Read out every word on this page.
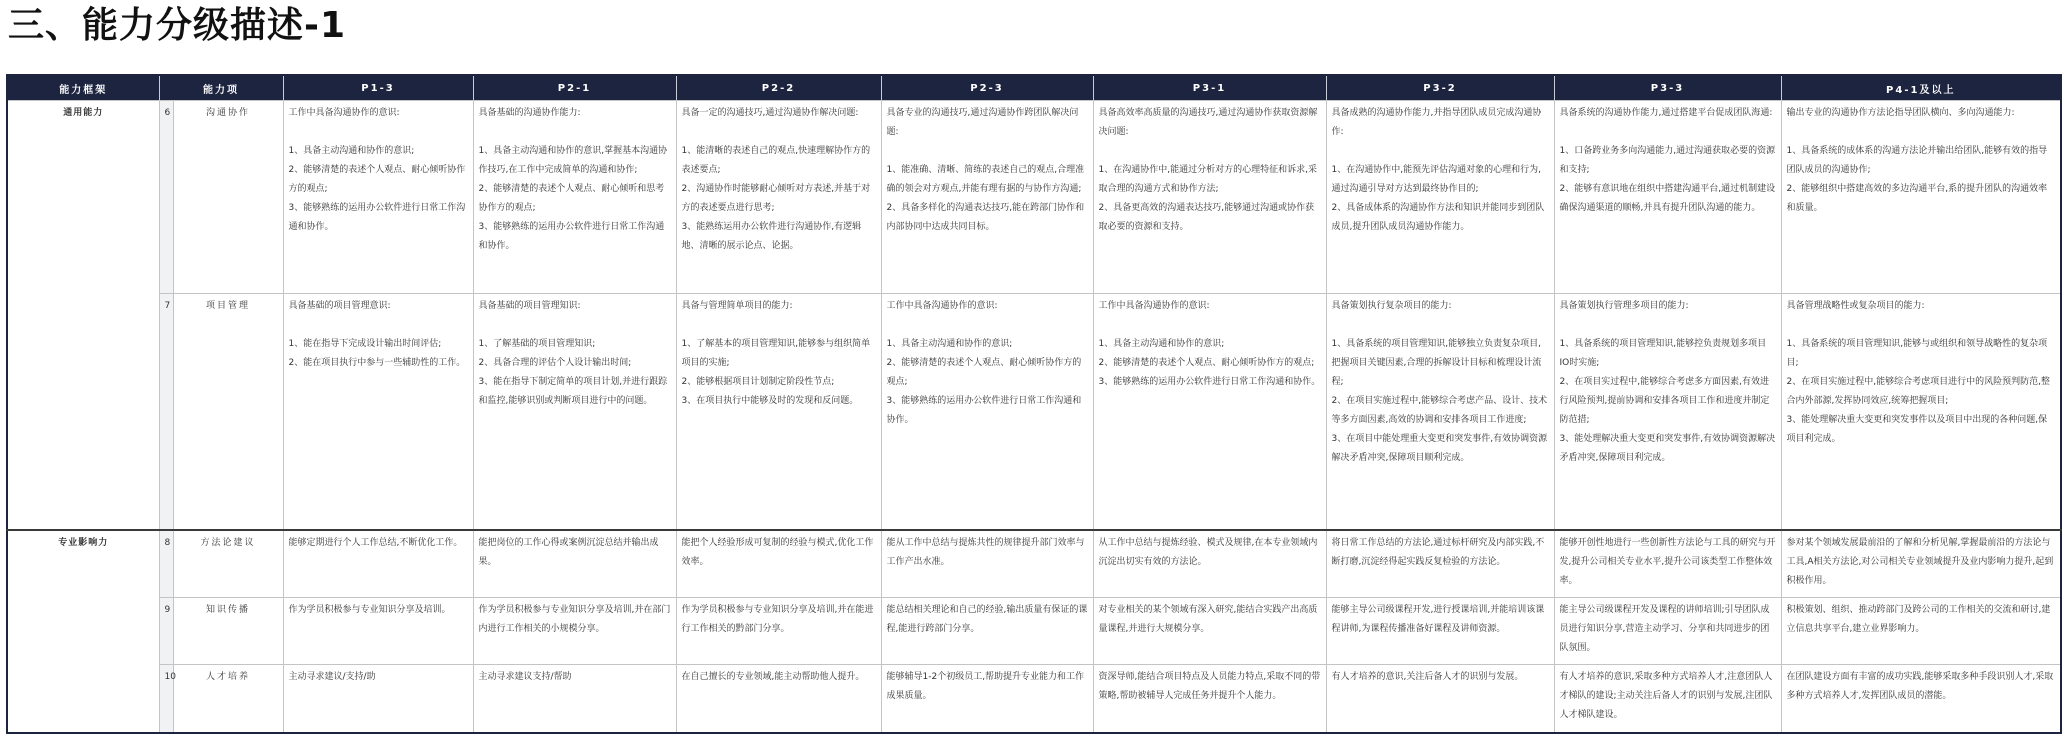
三、能力分级描述-1
能力框架	能力项		P1-3	P2-1	P2-2	P2-3	P3-1	P3-2	P3-3	P4-1及以上
通用能力	6	沟通协作	工作中具备沟通协作的意识:

1、具备主动沟通和协作的意识;
2、能够清楚的表述个人观点、耐心倾听协作方的观点;
3、能够熟练的运用办公软件进行日常工作沟通和协作。	具备基础的沟通协作能力:

1、具备主动沟通和协作的意识,掌握基本沟通协作技巧,在工作中完成简单的沟通和协作;
2、能够清楚的表述个人观点、耐心倾听和思考协作方的观点;
3、能够熟练的运用办公软件进行日常工作沟通和协作。	具备一定的沟通技巧,通过沟通协作解决问题:

1、能清晰的表述自己的观点,快速理解协作方的表述要点;
2、沟通协作时能够耐心倾听对方表述,并基于对方的表述要点进行思考;
3、能熟练运用办公软件进行沟通协作,有逻辑地、清晰的展示论点、论据。	具备专业的沟通技巧,通过沟通协作跨团队解决问题:

1、能准确、清晰、简练的表述自己的观点,合理准确的领会对方观点,并能有理有据的与协作方沟通;
2、具备多样化的沟通表达技巧,能在跨部门协作和内部协同中达成共同目标。	具备高效率高质量的沟通技巧,通过沟通协作获取资源解决问题:

1、在沟通协作中,能通过分析对方的心理特征和诉求,采取合理的沟通方式和协作方法;
2、具备更高效的沟通表达技巧,能够通过沟通或协作获取必要的资源和支持。	具备成熟的沟通协作能力,并指导团队成员完成沟通协作:

1、在沟通协作中,能预先评估沟通对象的心理和行为,通过沟通引导对方达到最终协作目的;
2、具备成体系的沟通协作方法和知识并能同步到团队成员,提升团队成员沟通协作能力。	具备系统的沟通协作能力,通过搭建平台促成团队海通:

1、口备跨业务多向沟通能力,通过沟通获取必要的资源和支持;
2、能够有意识地在组织中搭建沟通平台,通过机制建设确保沟通渠道的顺畅,并具有提升团队沟通的能力。	输出专业的沟通协作方法论指导团队横向、多向沟通能力:

1、具备系统的成体系的沟通方法论并输出给团队,能够有效的指导团队成员的沟通协作;
2、能够组织中搭建高效的多边沟通平台,系的提升团队的沟通效率和质量。
	7	项目管理	具备基础的项目管理意识:

1、能在指导下完成设计输出时间评估;
2、能在项目执行中参与一些辅助性的工作。	具备基础的项目管理知识:

1、了解基础的项目管理知识;
2、具备合理的评估个人设计输出时间;
3、能在指导下制定简单的项目计划,并进行跟踪和监控,能够识别或判断项目进行中的问题。	具备与管理简单项目的能力:

1、了解基本的项目管理知识,能够参与组织简单项目的实施;
2、能够根据项目计划制定阶段性节点;
3、在项目执行中能够及时的发现和反问题。	工作中具备沟通协作的意识:

1、具备主动沟通和协作的意识;
2、能够清楚的表述个人观点、耐心倾听协作方的观点;
3、能够熟练的运用办公软件进行日常工作沟通和协作。	工作中具备沟通协作的意识:

1、具备主动沟通和协作的意识;
2、能够清楚的表述个人观点、耐心倾听协作方的观点;
3、能够熟练的运用办公软件进行日常工作沟通和协作。	具备策划执行复杂项目的能力:

1、具备系统的项目管理知识,能够独立负责复杂项目,把握项目关键因素,合理的拆解设计目标和梳理设计流程;
2、在项目实施过程中,能够综合考虑产品、设计、技术等多方面因素,高效的协调和安排各项目工作进度;
3、在项目中能处理重大变更和突发事件,有效协调资源解决矛盾冲突,保障项目顺利完成。	具备策划执行管理多项目的能力:

1、具备系统的项目管理知识,能够控负责规划多项目IO时实施;
2、在项目实过程中,能够综合考虑多方面因素,有效进行风险预判,提前协调和安排各项目工作和进度并制定防范措;
3、能处理解决重大变更和突发事件,有效协调资源解决矛盾冲突,保障项目利完成。	具备管理战略性或复杂项目的能力:

1、具备系统的项目管理知识,能够与或组织和领导战略性的复杂项目;
2、在项目实施过程中,能够综合考虑项目进行中的风险预判防范,整合内外部源,发挥协同效应,统筹把握项目;
3、能处理解决重大变更和突发事件以及项目中出现的各种问题,保项目利完成。
专业影响力	8	方法论建议	能够定期进行个人工作总结,不断优化工作。	能把岗位的工作心得或案例沉淀总结并输出成果。	能把个人经验形成可复制的经验与模式,优化工作效率。	能从工作中总结与提炼共性的规律提升部门效率与工作产出水准。	从工作中总结与提炼经验、模式及规律,在本专业领域内沉淀出切实有效的方法论。	将日常工作总结的方法论,通过标杆研究及内部实践,不断打磨,沉淀经得起实践反复检验的方法论。	能够开创性地进行一些创新性方法论与工具的研究与开发,提升公司相关专业水平,提升公司该类型工作整体效率。	参对某个领域发展最前沿的了解和分析见解,掌握最前沿的方法论与工具,A相关方法论,对公司相关专业领域提升及业内影响力提升,起到积极作用。
	9	知识传播	作为学员积极参与专业知识分享及培训。	作为学员积极参与专业知识分享及培训,并在部门内进行工作相关的小规模分享。	作为学员积极参与专业知识分享及培训,并在能进行工作相关的黔部门分享。	能总结相关理论和自己的经验,输出质量有保证的课程,能进行跨部门分享。	对专业相关的某个领域有深入研究,能结合实践产出高质量课程,并进行大规模分享。	能够主导公司级课程开发,进行授课培训,并能培训该课程讲师,为课程传播准备好课程及讲师资源。	能主导公司级课程开发及课程的讲师培训;引导团队成员进行知识分享,营造主动学习、分享和共同进步的团队氛围。	积极策划、组织、推动跨部门及跨公司的工作相关的交流和研讨,建立信息共享平台,建立业界影响力。
	10	人才培养	主动寻求建议/支持/助	主动寻求建议支持/帮助	在自己擅长的专业领域,能主动帮助他人提升。	能够辅导1-2个初级员工,帮助提升专业能力和工作成果质量。	资深导师,能结合项目特点及人员能力特点,采取不同的带策略,帮助被辅导人完成任务并提升个人能力。	有人才培养的意识,关注后备人才的识别与发展。	有人才培养的意识,采取多种方式培养人才,注意团队人才梯队的建设;主动关注后备人才的识别与发展,注团队人才梯队建设。	在团队建设方面有丰富的成功实践,能够采取多种手段识别人才,采取多种方式培养人才,发挥团队成员的潜能。
